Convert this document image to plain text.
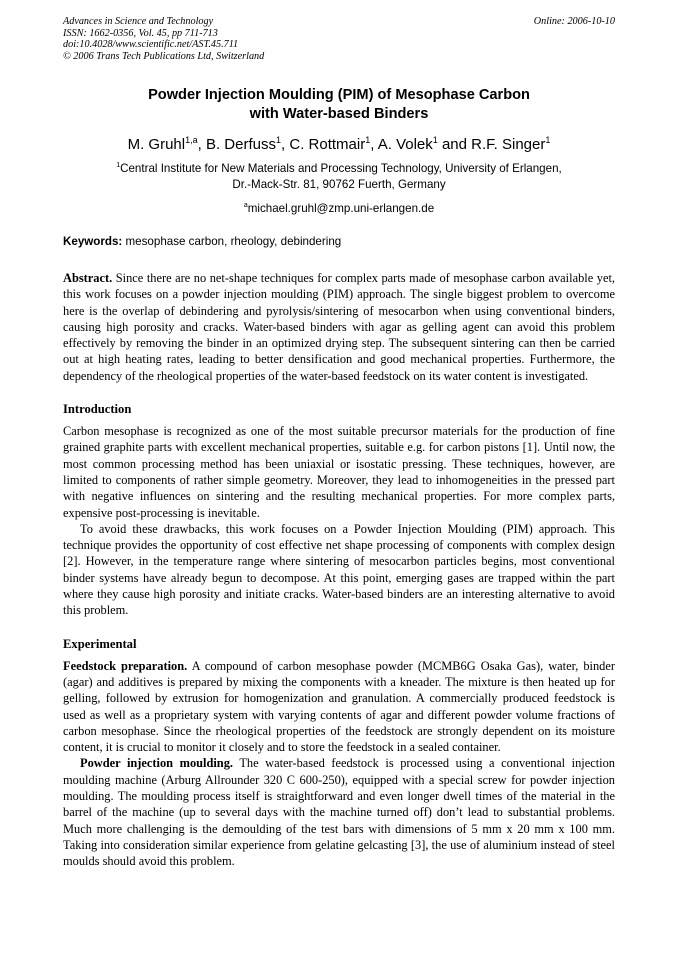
Advances in Science and Technology
ISSN: 1662-0356, Vol. 45, pp 711-713
doi:10.4028/www.scientific.net/AST.45.711
© 2006 Trans Tech Publications Ltd, Switzerland
Online: 2006-10-10
Powder Injection Moulding (PIM) of Mesophase Carbon
with Water-based Binders
M. Gruhl$^{1,a}$, B. Derfuss$^1$, C. Rottmair$^1$, A. Volek$^1$ and R.F. Singer$^1$
$^1$Central Institute for New Materials and Processing Technology, University of Erlangen,
Dr.-Mack-Str. 81, 90762 Fuerth, Germany
$^a$michael.gruhl@zmp.uni-erlangen.de
Keywords: mesophase carbon, rheology, debindering

Abstract. Since there are no net-shape techniques for complex parts made of mesophase carbon available yet, this work focuses on a powder injection moulding (PIM) approach. The single biggest problem to overcome here is the overlap of debindering and pyrolysis/sintering of mesocarbon when using conventional binders, causing high porosity and cracks. Water-based binders with agar as gelling agent can avoid this problem effectively by removing the binder in an optimized drying step. The subsequent sintering can then be carried out at high heating rates, leading to better densification and good mechanical properties. Furthermore, the dependency of the rheological properties of the water-based feedstock on its water content is investigated.

Introduction

Carbon mesophase is recognized as one of the most suitable precursor materials for the production of fine grained graphite parts with excellent mechanical properties, suitable e.g. for carbon pistons [1]. Until now, the most common processing method has been uniaxial or isostatic pressing. These techniques, however, are limited to components of rather simple geometry. Moreover, they lead to inhomogeneities in the pressed part with negative influences on sintering and the resulting mechanical properties. For more complex parts, expensive post-processing is inevitable.

To avoid these drawbacks, this work focuses on a Powder Injection Moulding (PIM) approach. This technique provides the opportunity of cost effective net shape processing of components with complex design [2]. However, in the temperature range where sintering of mesocarbon particles begins, most conventional binder systems have already begun to decompose. At this point, emerging gases are trapped within the part where they cause high porosity and initiate cracks. Water-based binders are an interesting alternative to avoid this problem.

Experimental

Feedstock preparation. A compound of carbon mesophase powder (MCMB6G Osaka Gas), water, binder (agar) and additives is prepared by mixing the components with a kneader. The mixture is then heated up for gelling, followed by extrusion for homogenization and granulation. A commercially produced feedstock is used as well as a proprietary system with varying contents of agar and different powder volume fractions of carbon mesophase. Since the rheological properties of the feedstock are strongly dependent on its moisture content, it is crucial to monitor it closely and to store the feedstock in a sealed container.

Powder injection moulding. The water-based feedstock is processed using a conventional injection moulding machine (Arburg Allrounder 320 C 600-250), equipped with a special screw for powder injection moulding. The moulding process itself is straightforward and even longer dwell times of the material in the barrel of the machine (up to several days with the machine turned off) don’t lead to substantial problems. Much more challenging is the demoulding of the test bars with dimensions of 5 mm x 20 mm x 100 mm. Taking into consideration similar experience from gelatine gelcasting [3], the use of aluminium instead of steel moulds should avoid this problem.
